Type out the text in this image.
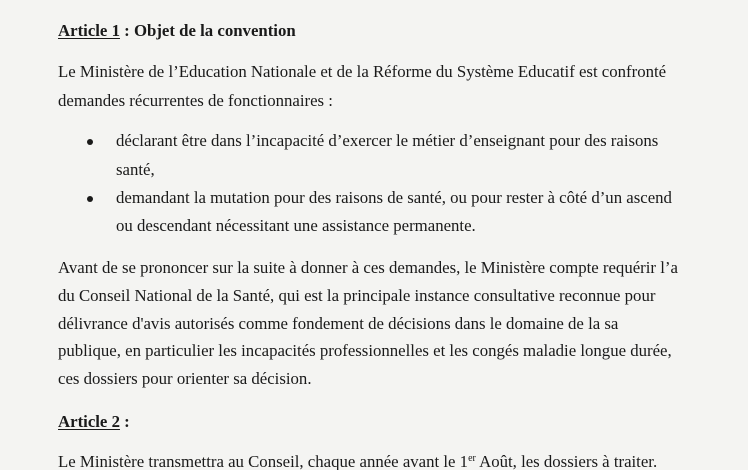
Article 1 : Objet de la convention
Le Ministère de l’Education Nationale et de la Réforme du Système Educatif est confronté
demandes récurrentes de fonctionnaires :
déclarant être dans l’incapacité d’exercer le métier d’enseignant pour des raisons
santé,
demandant la mutation pour des raisons de santé, ou pour rester à côté d’un ascend
ou descendant nécessitant une assistance permanente.
Avant de se prononcer sur la suite à donner à ces demandes, le Ministère compte requérir l’a
du Conseil National de la Santé, qui est la principale instance consultative reconnue pour
délivrance d'avis autorisés comme fondement de décisions dans le domaine de la sa
publique, en particulier les incapacités professionnelles et les congés maladie longue durée,
ces dossiers pour orienter sa décision.
Article 2 :
Le Ministère transmettra au Conseil, chaque année avant le 1er Août, les dossiers à traiter.
